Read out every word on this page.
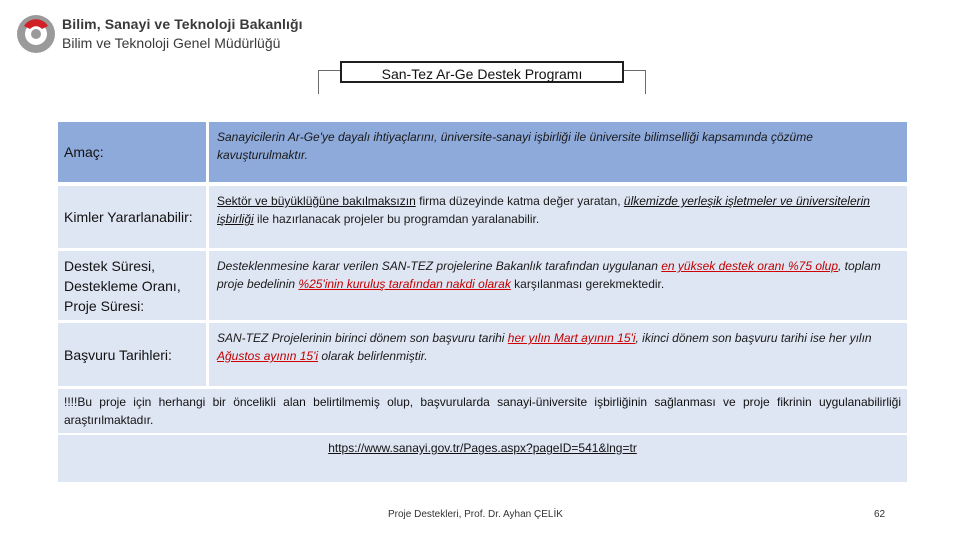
Bilim, Sanayi ve Teknoloji Bakanlığı
Bilim ve Teknoloji Genel Müdürlüğü
San-Tez Ar-Ge Destek Programı
Amaç:
Sanayicilerin Ar-Ge'ye dayalı ihtiyaçlarını, üniversite-sanayi işbirliği ile üniversite bilimselliği kapsamında çözüme kavuşturulmaktır.
Kimler Yararlanabilir:
Sektör ve büyüklüğüne bakılmaksızın firma düzeyinde katma değer yaratan, ülkemizde yerleşik işletmeler ve üniversitelerin işbirliği ile hazırlanacak projeler bu programdan yaralanabilir.
Destek Süresi, Destekleme Oranı, Proje Süresi:
Desteklenmesine karar verilen SAN-TEZ projelerine Bakanlık tarafından uygulanan en yüksek destek oranı %75 olup, toplam proje bedelinin %25'inin kuruluş tarafından nakdi olarak karşılanması gerekmektedir.
Başvuru Tarihleri:
SAN-TEZ Projelerinin birinci dönem son başvuru tarihi her yılın Mart ayının 15'i, ikinci dönem son başvuru tarihi ise her yılın Ağustos ayının 15'i olarak belirlenmiştir.
!!!!Bu proje için herhangi bir öncelikli alan belirtilmemiş olup, başvurularda sanayi-üniversite işbirliğinin sağlanması ve proje fikrinin uygulanabilirliği araştırılmaktadır.
https://www.sanayi.gov.tr/Pages.aspx?pageID=541&lng=tr
Proje Destekleri, Prof. Dr. Ayhan ÇELİK	62
